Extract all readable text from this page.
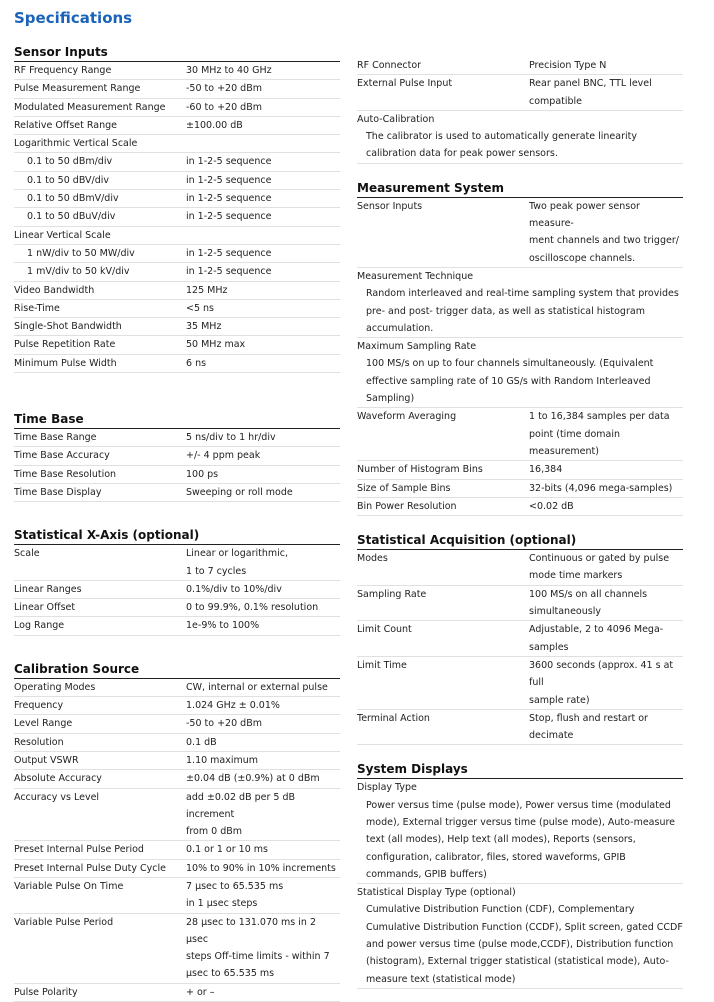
Specifications
Sensor Inputs
RF Frequency Range	30 MHz to 40 GHz
Pulse Measurement Range	-50 to +20 dBm
Modulated Measurement Range	-60 to +20 dBm
Relative Offset Range	±100.00 dB
Logarithmic Vertical Scale
0.1 to 50 dBm/div	in 1-2-5 sequence
0.1 to 50 dBV/div	in 1-2-5 sequence
0.1 to 50 dBmV/div	in 1-2-5 sequence
0.1 to 50 dBuV/div	in 1-2-5 sequence
Linear Vertical Scale
1 nW/div to 50 MW/div	in 1-2-5 sequence
1 mV/div to 50 kV/div	in 1-2-5 sequence
Video Bandwidth	125 MHz
Rise-Time	<5 ns
Single-Shot Bandwidth	35 MHz
Pulse Repetition Rate	50 MHz max
Minimum Pulse Width	6 ns
Time Base
Time Base Range	5 ns/div to 1 hr/div
Time Base Accuracy	+/- 4 ppm peak
Time Base Resolution	100 ps
Time Base Display	Sweeping or roll mode
Statistical X-Axis (optional)
Scale	Linear or logarithmic,
1 to 7 cycles
Linear Ranges	0.1%/div to 10%/div
Linear Offset	0 to 99.9%, 0.1% resolution
Log Range	1e-9% to 100%
Calibration Source
Operating Modes	CW, internal or external pulse
Frequency	1.024 GHz ± 0.01%
Level Range	-50 to +20 dBm
Resolution	0.1 dB
Output VSWR	1.10 maximum
Absolute Accuracy	±0.04 dB (±0.9%) at 0 dBm
Accuracy vs Level	add ±0.02 dB per 5 dB increment
from 0 dBm
Preset Internal Pulse Period	0.1 or 1 or 10 ms
Preset Internal Pulse Duty Cycle	10% to 90% in 10% increments
Variable Pulse On Time	7 μsec to 65.535 ms
in 1 μsec steps
Variable Pulse Period	28 μsec to 131.070 ms in 2 μsec
steps Off-time limits - within 7
μsec to 65.535 ms
Pulse Polarity	+ or –
RF Connector	Precision Type N
External Pulse Input	Rear panel BNC, TTL level
compatible
Auto-Calibration
The calibrator is used to automatically generate linearity calibration data for peak power sensors.
Measurement System
Sensor Inputs	Two peak power sensor measure-
ment channels and two trigger/
oscilloscope channels.
Measurement Technique
Random interleaved and real-time sampling system that provides pre- and post- trigger data, as well as statistical histogram accumulation.
Maximum Sampling Rate
100 MS/s on up to four channels simultaneously. (Equivalent effective sampling rate of 10 GS/s with Random Interleaved Sampling)
Waveform Averaging	1 to 16,384 samples per data
point (time domain measurement)
Number of Histogram Bins	16,384
Size of Sample Bins	32-bits (4,096 mega-samples)
Bin Power Resolution	<0.02 dB
Statistical Acquisition (optional)
Modes	Continuous or gated by pulse
mode time markers
Sampling Rate	100 MS/s on all channels
simultaneously
Limit Count	Adjustable, 2 to 4096 Mega-
samples
Limit Time	3600 seconds (approx. 41 s at full
sample rate)
Terminal Action	Stop, flush and restart or
decimate
System Displays
Display Type
Power versus time (pulse mode), Power versus time (modulated mode), External trigger versus time (pulse mode), Auto-measure text (all modes), Help text (all modes), Reports (sensors, configuration, calibrator, files, stored waveforms, GPIB commands, GPIB buffers)
Statistical Display Type (optional)
Cumulative Distribution Function (CDF), Complementary Cumulative Distribution Function (CCDF), Split screen, gated CCDF and power versus time (pulse mode,CCDF), Distribution function (histogram), External trigger statistical (statistical mode), Auto-measure text (statistical mode)
